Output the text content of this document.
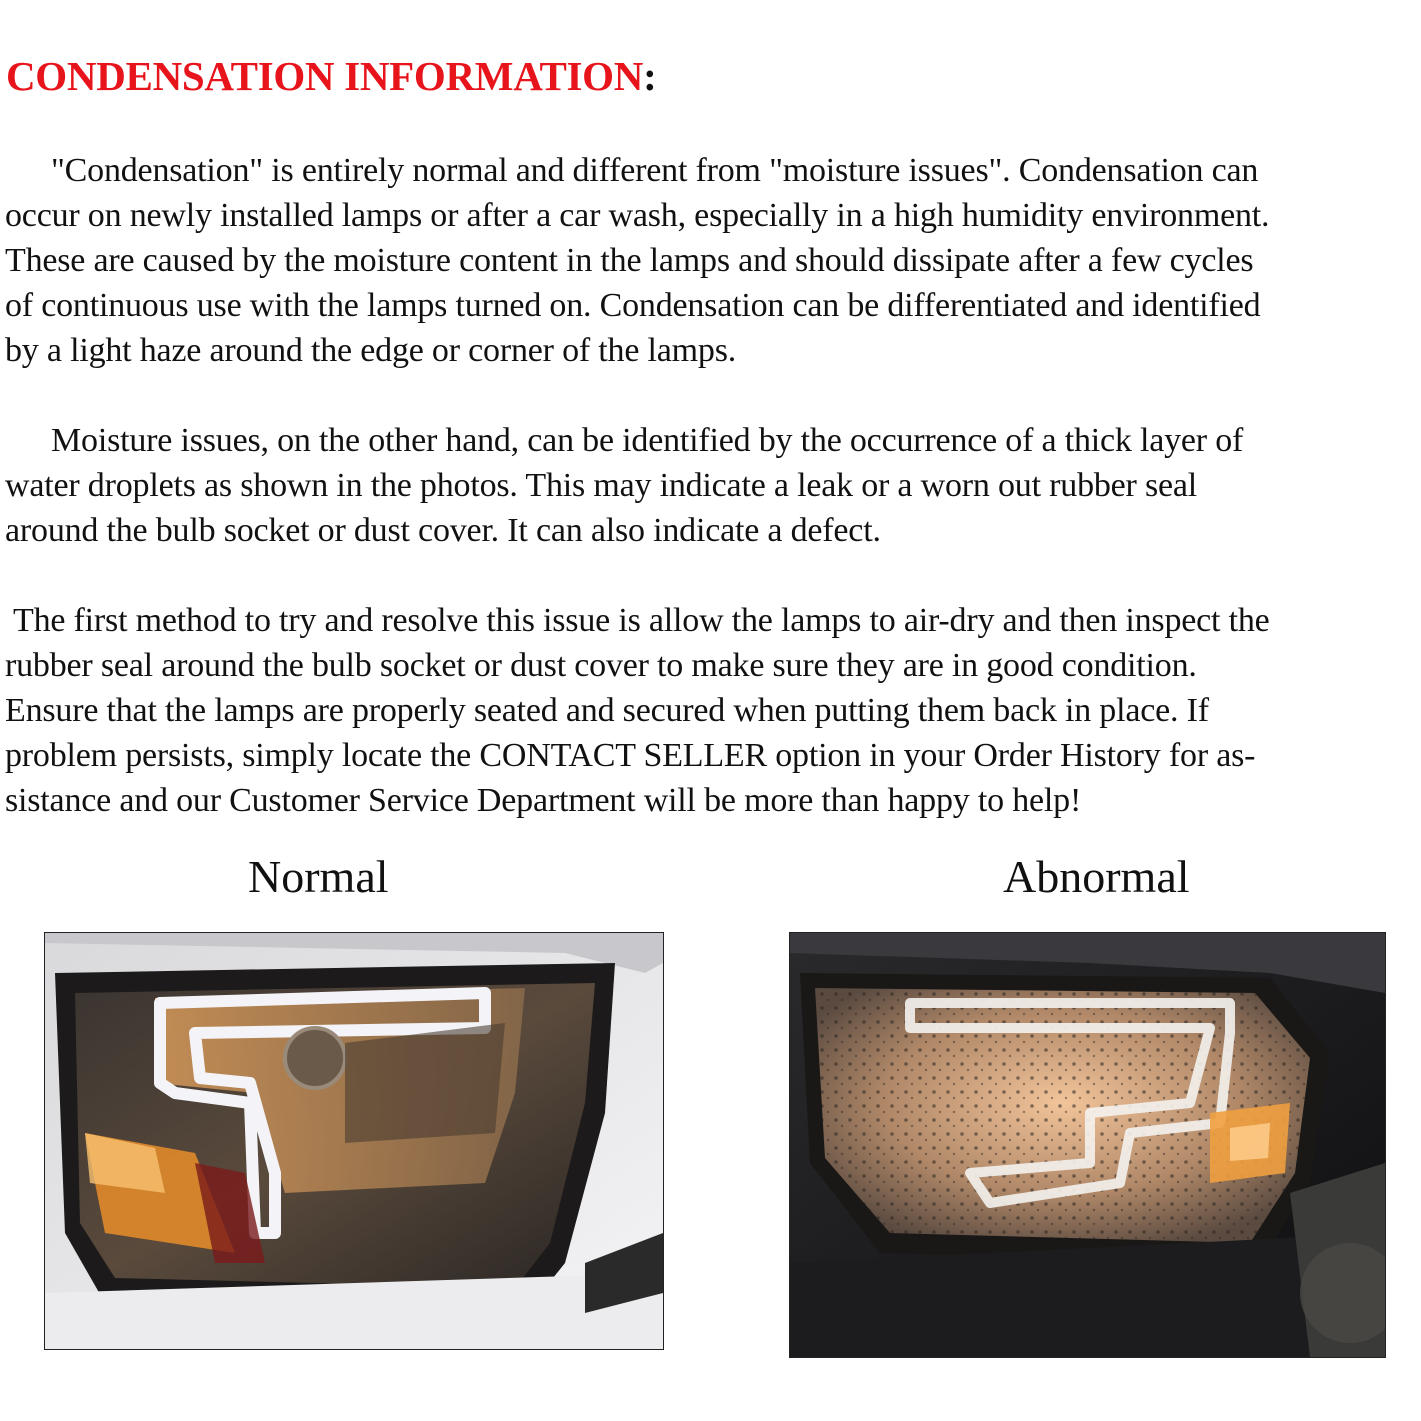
CONDENSATION INFORMATION:

"Condensation" is entirely normal and different from "moisture issues". Condensation can
occur on newly installed lamps or after a car wash, especially in a high humidity environment.
These are caused by the moisture content in the lamps and should dissipate after a few cycles
of continuous use with the lamps turned on. Condensation can be differentiated and identified
by a light haze around the edge or corner of the lamps.

Moisture issues, on the other hand, can be identified by the occurrence of a thick layer of
water droplets as shown in the photos. This may indicate a leak or a worn out rubber seal
around the bulb socket or dust cover. It can also indicate a defect.

The first method to try and resolve this issue is allow the lamps to air-dry and then inspect the
rubber seal around the bulb socket or dust cover to make sure they are in good condition.
Ensure that the lamps are properly seated and secured when putting them back in place. If
problem persists, simply locate the CONTACT SELLER option in your Order History for as-
sistance and our Customer Service Department will be more than happy to help!

Normal	Abnormal
